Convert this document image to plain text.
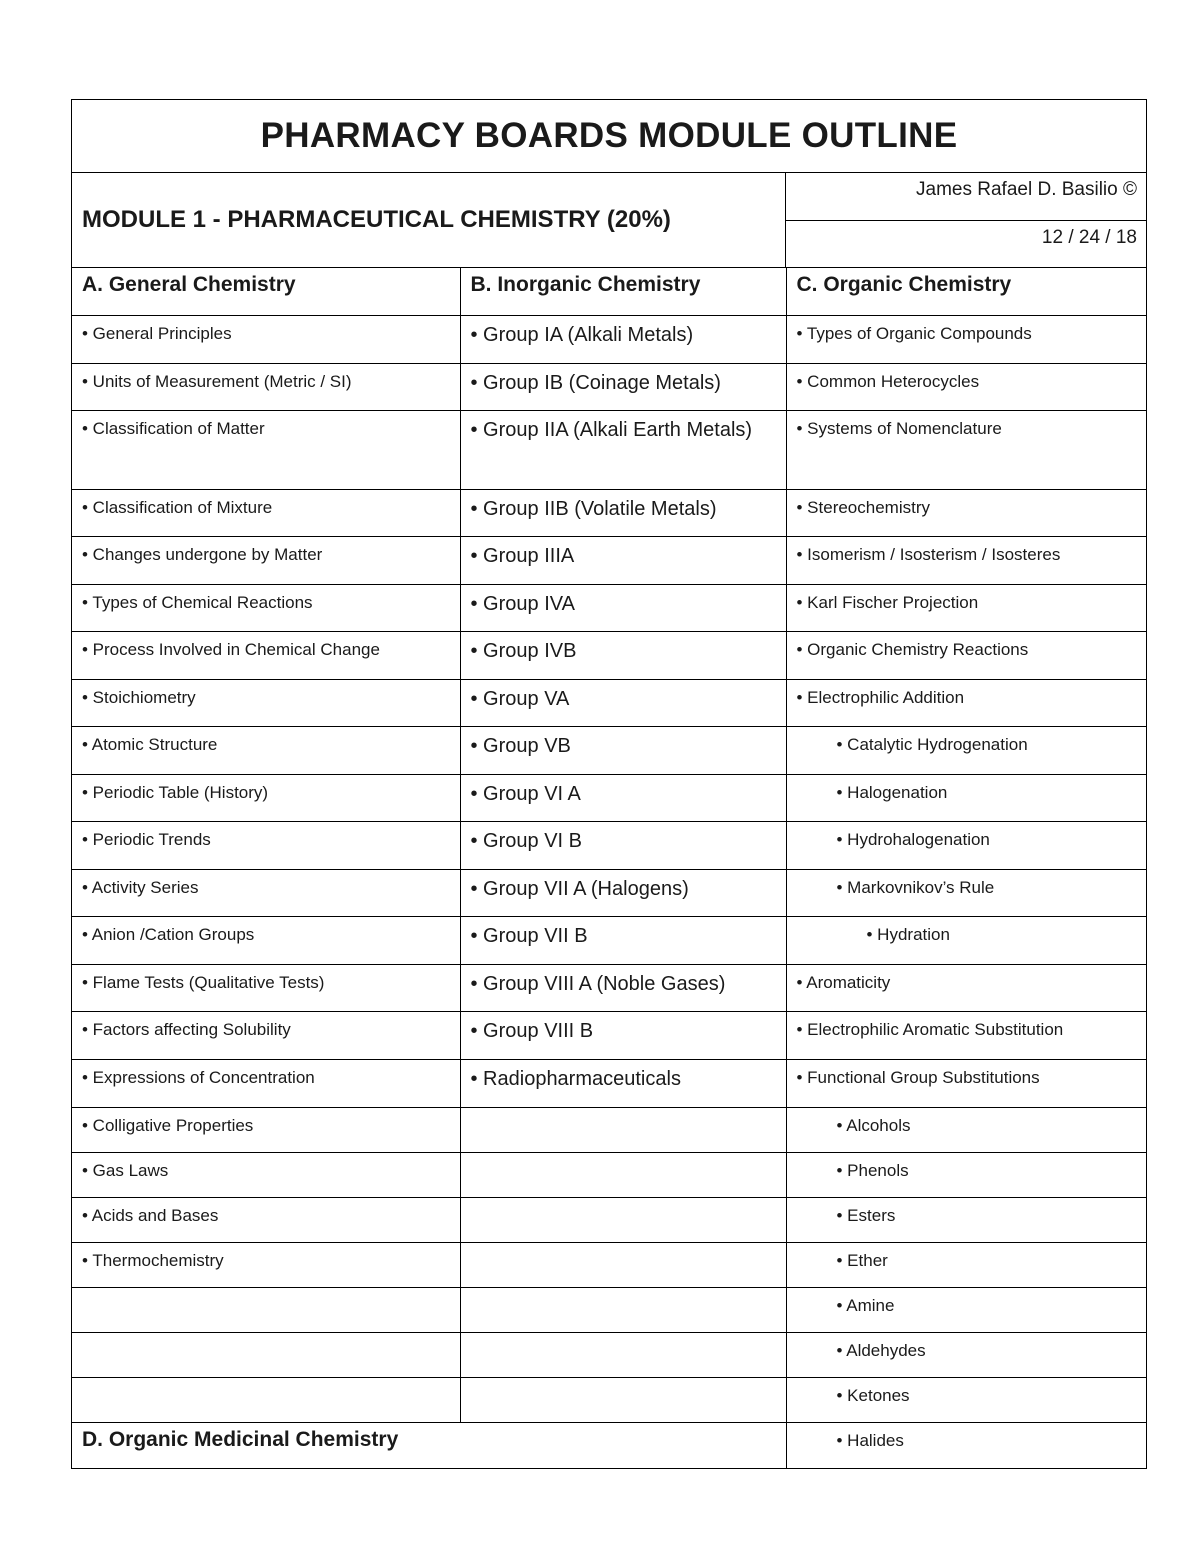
PHARMACY BOARDS MODULE OUTLINE
MODULE 1 - PHARMACEUTICAL CHEMISTRY (20%)
James Rafael D. Basilio ©
12 / 24 / 18
A. General Chemistry	B. Inorganic Chemistry	C. Organic Chemistry
• General Principles	• Group IA (Alkali Metals)	• Types of Organic Compounds
• Units of Measurement (Metric / SI)	• Group IB (Coinage Metals)	• Common Heterocycles
• Classification of Matter	• Group IIA (Alkali Earth Metals)	• Systems of Nomenclature
• Classification of Mixture	• Group IIB (Volatile Metals)	• Stereochemistry
• Changes undergone by Matter	• Group IIIA	• Isomerism / Isosterism / Isosteres
• Types of Chemical Reactions	• Group IVA	• Karl Fischer Projection
• Process Involved in Chemical Change	• Group IVB	• Organic Chemistry Reactions
• Stoichiometry	• Group VA	• Electrophilic Addition
• Atomic Structure	• Group VB	• Catalytic Hydrogenation
• Periodic Table (History)	• Group VI A	• Halogenation
• Periodic Trends	• Group VI B	• Hydrohalogenation
• Activity Series	• Group VII A (Halogens)	• Markovnikov’s Rule
• Anion /Cation Groups	• Group VII B	• Hydration
• Flame Tests (Qualitative Tests)	• Group VIII A (Noble Gases)	• Aromaticity
• Factors affecting Solubility	• Group VIII B	• Electrophilic Aromatic Substitution
• Expressions of Concentration	• Radiopharmaceuticals	• Functional Group Substitutions
• Colligative Properties		• Alcohols
• Gas Laws		• Phenols
• Acids and Bases		• Esters
• Thermochemistry		• Ether
		• Amine
		• Aldehydes
		• Ketones
D. Organic Medicinal Chemistry		• Halides
